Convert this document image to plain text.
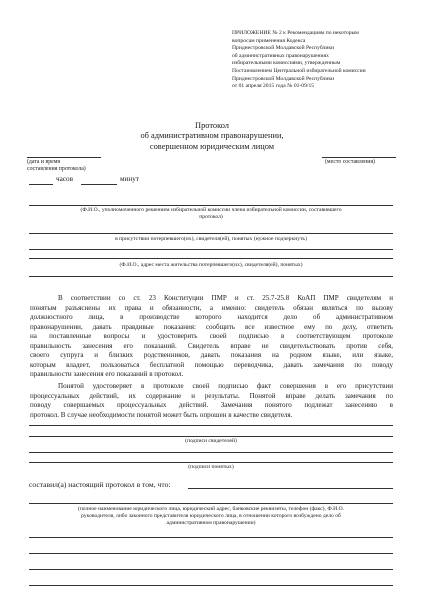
ПРИЛОЖЕНИЕ № 2 к Рекомендациям по некоторым
вопросам применения Кодекса
Приднестровской Молдавской Республики
об административных правонарушениях
избирательными комиссиями, утвержденным
Постановлением Центральной избирательной комиссии
Приднестровской Молдавской Республики
от 01 апреля 2015 года № 01-09/15
Протокол
об административном правонарушении,
совершенном юридическим лицом
(дата и время
составления протокола)
(место составления)
часов	минут
(Ф.И.О., уполномоченного решением избирательной комиссии члена избирательной комиссии, составившего
протокол)
в присутствии потерпевшего(их), свидетеля(ей), понятых (нужное подчеркнуть)
(Ф.И.О., адрес места жительства потерпевшего(их), свидетеля(ей), понятых)
В соответствии со ст. 23 Конституции ПМР и ст. 25.7-25.8 КоАП ПМР свидетелям и
понятым разъяснены их права и обязанности, а именно: свидетель обязан являться по вызову
должностного лица, в производстве которого находится дело об административном
правонарушении, давать правдивые показания: сообщить все известное ему по делу, ответить
на поставленные вопросы и удостоверить своей подписью в соответствующем протоколе
правильность занесения его показаний. Свидетель вправе не свидетельствовать против себя,
своего супруга и близких родственников, давать показания на родном языке, или языке,
которым владеет, пользоваться бесплатной помощью переводчика, давать замечания по поводу
правильности занесения его показаний в протокол.
Понятой удостоверяет в протоколе своей подписью факт совершения в его присутствии
процессуальных действий, их содержание и результаты. Понятой вправе делать замечания по
поводу совершаемых процессуальных действий. Замечания понятого подлежат занесению в
протокол. В случае необходимости понятой может быть опрошен в качестве свидетеля.
(подписи свидетелей)
(подписи понятых)
составил(а) настоящий протокол в том, что:
(полное наименование юридического лица, юридический адрес, банковские реквизиты, телефон (факс), Ф.И.О.
руководителя, либо законного представителя юридического лица, в отношении которого возбуждено дело об
административном правонарушении)
